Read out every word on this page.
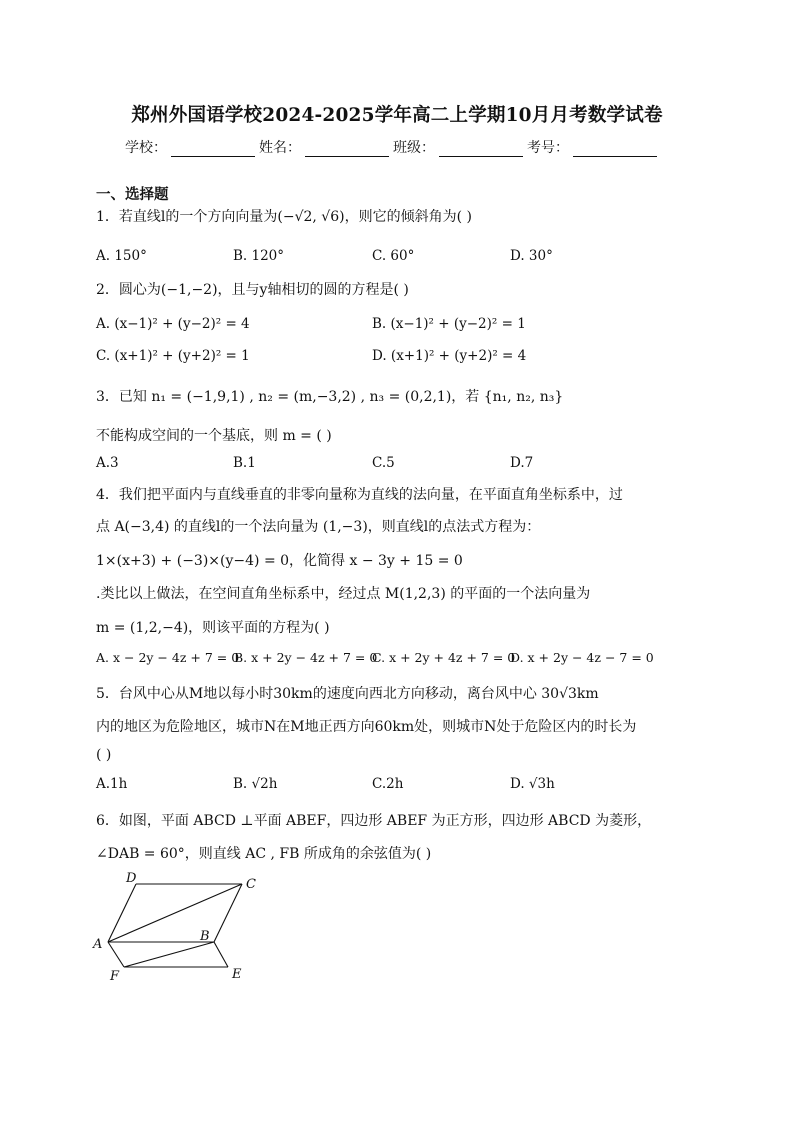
郑州外国语学校2024-2025学年高二上学期10月月考数学试卷
学校：	姓名：	班级：	考号：
一、选择题
1．若直线l的一个方向向量为(−√2, √6)，则它的倾斜角为( )
A. 150°	B. 120°	C. 60°	D. 30°
2．圆心为(−1,−2)，且与y轴相切的圆的方程是( )
A. (x−1)² + (y−2)² = 4	B. (x−1)² + (y−2)² = 1
C. (x+1)² + (y+2)² = 1	D. (x+1)² + (y+2)² = 4
3．已知 n₁ = (−1,9,1) , n₂ = (m,−3,2) , n₃ = (0,2,1)，若 {n₁, n₂, n₃}
不能构成空间的一个基底，则 m = ( )
A.3	B.1	C.5	D.7
4．我们把平面内与直线垂直的非零向量称为直线的法向量，在平面直角坐标系中，过
点 A(−3,4) 的直线l的一个法向量为 (1,−3)，则直线l的点法式方程为：
1×(x+3) + (−3)×(y−4) = 0，化简得 x − 3y + 15 = 0
.类比以上做法，在空间直角坐标系中，经过点 M(1,2,3) 的平面的一个法向量为
m = (1,2,−4)，则该平面的方程为( )
A. x − 2y − 4z + 7 = 0
B. x + 2y − 4z + 7 = 0
C. x + 2y + 4z + 7 = 0
D. x + 2y − 4z − 7 = 0
5．台风中心从M地以每小时30km的速度向西北方向移动，离台风中心 30√3km
内的地区为危险地区，城市N在M地正西方向60km处，则城市N处于危险区内的时长为
( )
A.1h	B. √2h	C.2h	D. √3h
6．如图，平面 ABCD ⊥平面 ABEF，四边形 ABEF 为正方形，四边形 ABCD 为菱形，
∠DAB = 60°，则直线 AC , FB 所成角的余弦值为( )
A
B
C
D
E
F
